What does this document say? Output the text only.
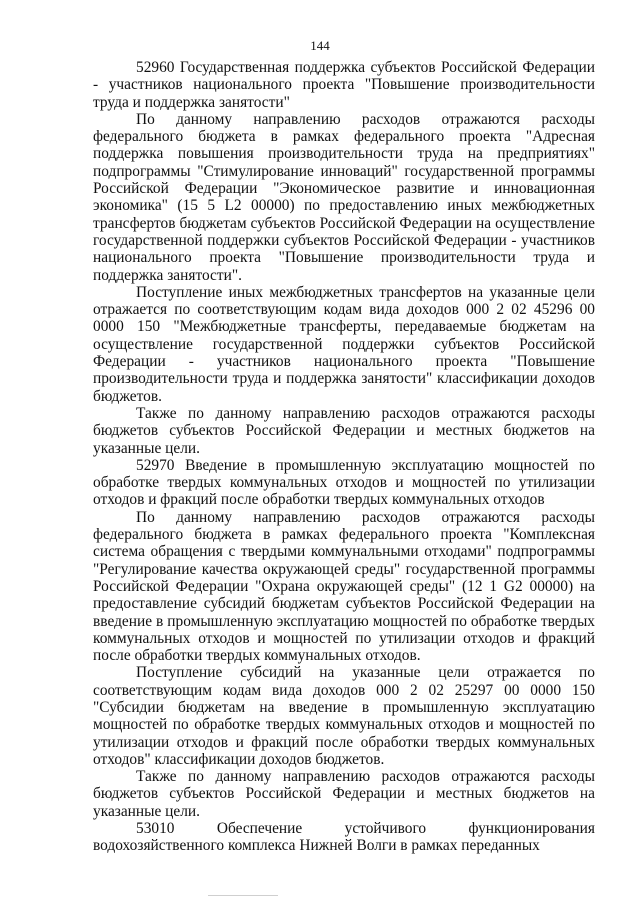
144

52960 Государственная поддержка субъектов Российской Федерации - участников национального проекта "Повышение производительности труда и поддержка занятости"

По данному направлению расходов отражаются расходы федерального бюджета в рамках федерального проекта "Адресная поддержка повышения производительности труда на предприятиях" подпрограммы "Стимулирование инноваций" государственной программы Российской Федерации "Экономическое развитие и инновационная экономика" (15 5 L2 00000) по предоставлению иных межбюджетных трансфертов бюджетам субъектов Российской Федерации на осуществление государственной поддержки субъектов Российской Федерации - участников национального проекта "Повышение производительности труда и поддержка занятости".

Поступление иных межбюджетных трансфертов на указанные цели отражается по соответствующим кодам вида доходов 000 2 02 45296 00 0000 150 "Межбюджетные трансферты, передаваемые бюджетам на осуществление государственной поддержки субъектов Российской Федерации - участников национального проекта "Повышение производительности труда и поддержка занятости" классификации доходов бюджетов.

Также по данному направлению расходов отражаются расходы бюджетов субъектов Российской Федерации и местных бюджетов на указанные цели.

52970 Введение в промышленную эксплуатацию мощностей по обработке твердых коммунальных отходов и мощностей по утилизации отходов и фракций после обработки твердых коммунальных отходов

По данному направлению расходов отражаются расходы федерального бюджета в рамках федерального проекта "Комплексная система обращения с твердыми коммунальными отходами" подпрограммы "Регулирование качества окружающей среды" государственной программы Российской Федерации "Охрана окружающей среды" (12 1 G2 00000) на предоставление субсидий бюджетам субъектов Российской Федерации на введение в промышленную эксплуатацию мощностей по обработке твердых коммунальных отходов и мощностей по утилизации отходов и фракций после обработки твердых коммунальных отходов.

Поступление субсидий на указанные цели отражается по соответствующим кодам вида доходов 000 2 02 25297 00 0000 150 "Субсидии бюджетам на введение в промышленную эксплуатацию мощностей по обработке твердых коммунальных отходов и мощностей по утилизации отходов и фракций после обработки твердых коммунальных отходов" классификации доходов бюджетов.

Также по данному направлению расходов отражаются расходы бюджетов субъектов Российской Федерации и местных бюджетов на указанные цели.

53010 Обеспечение устойчивого функционирования водохозяйственного комплекса Нижней Волги в рамках переданных
